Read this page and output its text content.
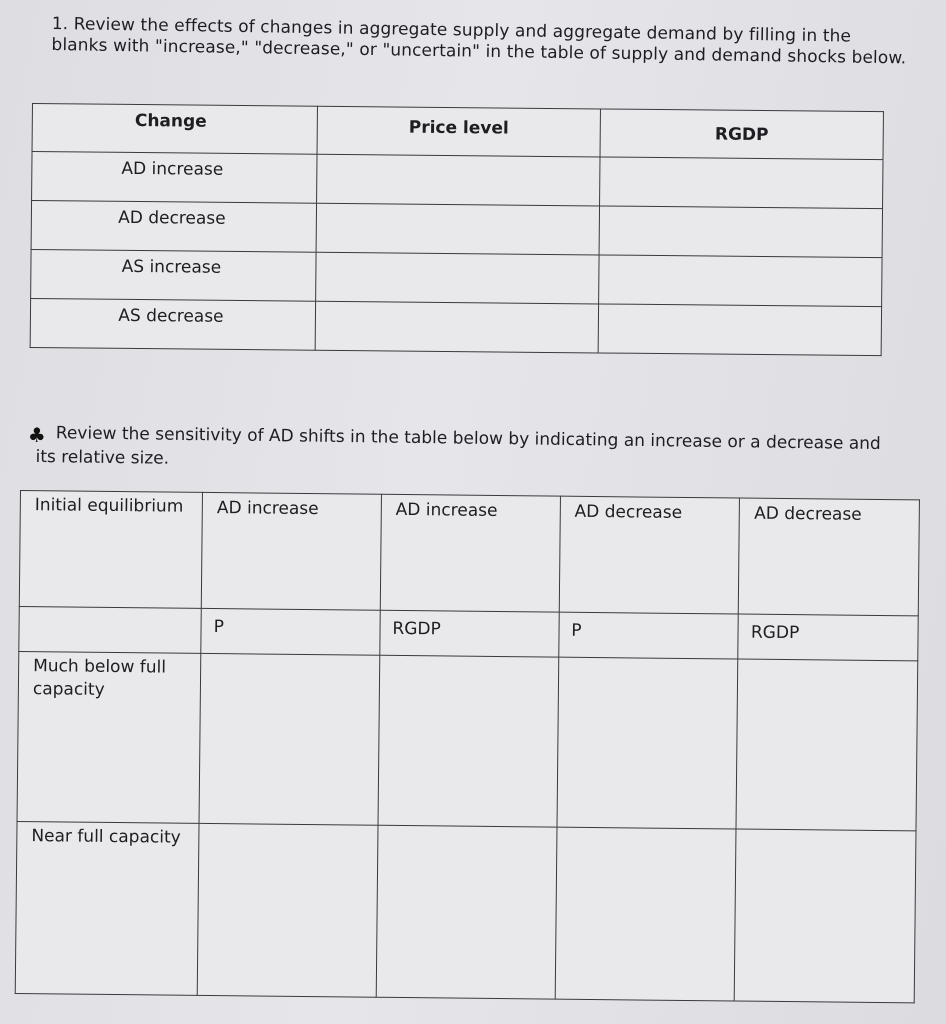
1. Review the effects of changes in aggregate supply and aggregate demand by filling in the blanks with "increase," "decrease," or "uncertain" in the table of supply and demand shocks below.

Change	Price level	RGDP
AD increase		
AD decrease		
AS increase		
AS decrease		

♣ Review the sensitivity of AD shifts in the table below by indicating an increase or a decrease and its relative size.

Initial equilibrium	AD increase	AD increase	AD decrease	AD decrease
	P	RGDP	P	RGDP
Much below full capacity				
Near full capacity				
